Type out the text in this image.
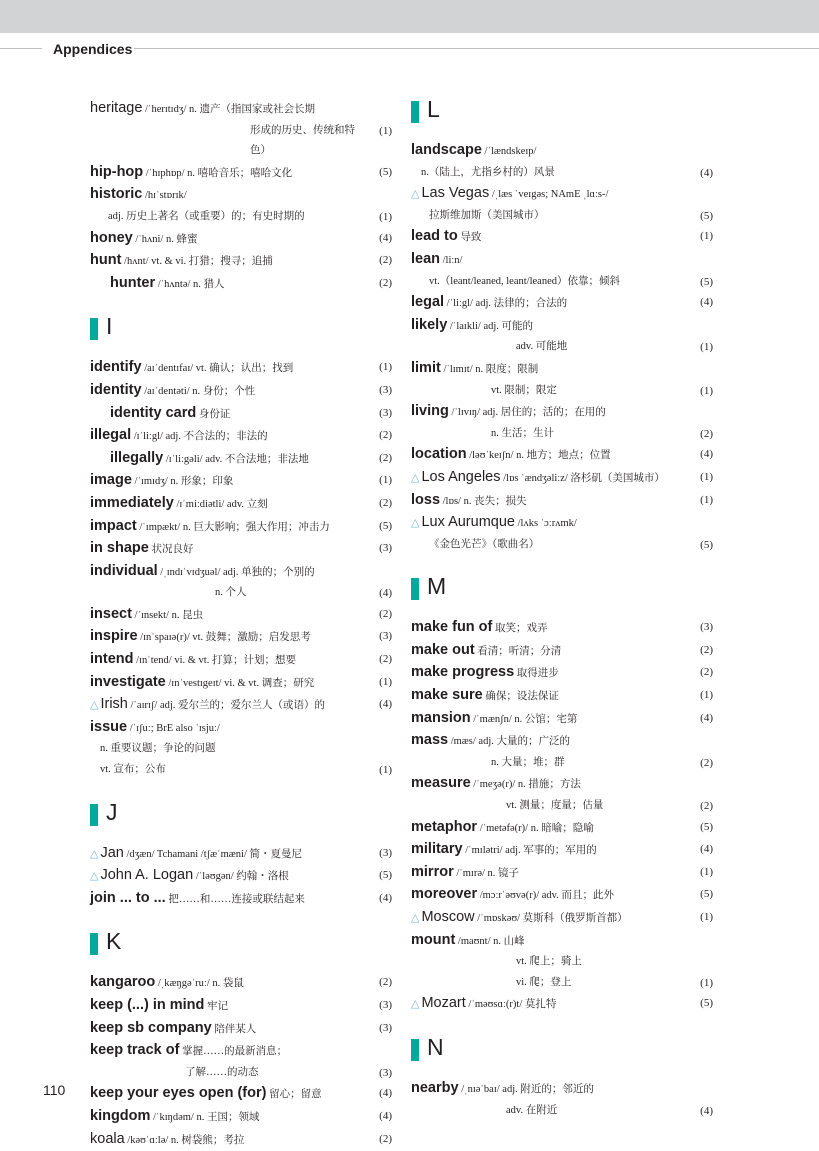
Appendices
heritage /ˈherɪtɪdʒ/ n. 遗产（指国家或社会长期
形成的历史、传统和特色）
(1)
hip-hop /ˈhɪphɒp/ n. 嘻哈音乐；嘻哈文化	(5)
historic /hɪˈstɒrɪk/
adj. 历史上著名（或重要）的；有史时期的	(1)
honey /ˈhʌni/ n. 蜂蜜	(4)
hunt /hʌnt/ vt. & vi. 打猎；搜寻；追捕	(2)
hunter /ˈhʌntə/ n. 猎人	(2)
I
identify /aɪˈdentɪfaɪ/ vt. 确认；认出；找到	(1)
identity /aɪˈdentəti/ n. 身份；个性	(3)
identity card 身份证	(3)
illegal /ɪˈliːgl/ adj. 不合法的；非法的	(2)
illegally /ɪˈliːgəli/ adv. 不合法地；非法地	(2)
image /ˈɪmɪdʒ/ n. 形象；印象	(1)
immediately /ɪˈmiːdiətli/ adv. 立刻	(2)
impact /ˈɪmpækt/ n. 巨大影响；强大作用；冲击力	(5)
in shape 状况良好	(3)
individual /ˌɪndɪˈvɪdʒuəl/ adj. 单独的；个别的
n. 个人	(4)
insect /ˈɪnsekt/ n. 昆虫	(2)
inspire /ɪnˈspaɪə(r)/ vt. 鼓舞；激励；启发思考	(3)
intend /ɪnˈtend/ vi. & vt. 打算；计划；想要	(2)
investigate /ɪnˈvestɪgeɪt/ vi. & vt. 调查；研究	(1)
△ Irish /ˈaɪrɪʃ/ adj. 爱尔兰的；爱尔兰人（或语）的	(4)
issue /ˈɪʃuː; BrE also ˈɪsjuː/
n. 重要议题；争论的问题
vt. 宣布；公布	(1)
J
△ Jan /dʒæn/ Tchamani /tʃæˈmæni/ 简・夏曼尼	(3)
△ John A. Logan /ˈləʊgən/ 约翰・洛根	(5)
join ... to ... 把……和……连接或联结起来	(4)
K
kangaroo /ˌkæŋgəˈruː/ n. 袋鼠	(2)
keep (...) in mind 牢记	(3)
keep sb company 陪伴某人	(3)
keep track of 掌握……的最新消息；
了解……的动态	(3)
keep your eyes open (for) 留心；留意	(4)
kingdom /ˈkɪŋdəm/ n. 王国；领域	(4)
koala /kəʊˈɑːlə/ n. 树袋熊；考拉	(2)
L
landscape /ˈlændskeɪp/
n.（陆上，尤指乡村的）风景	(4)
△ Las Vegas /ˌlæs ˈveɪgəs; NAmE ˌlɑːs-/
拉斯维加斯（美国城市）	(5)
lead to 导致	(1)
lean /liːn/
vt.（leant/leaned, leant/leaned）依靠；倾斜	(5)
legal /ˈliːgl/ adj. 法律的；合法的	(4)
likely /ˈlaɪkli/ adj. 可能的
adv. 可能地	(1)
limit /ˈlɪmɪt/ n. 限度；限制
vt. 限制；限定	(1)
living /ˈlɪvɪŋ/ adj. 居住的；活的；在用的
n. 生活；生计	(2)
location /ləʊˈkeɪʃn/ n. 地方；地点；位置	(4)
△ Los Angeles /lɒs ˈændʒəliːz/ 洛杉矶（美国城市）	(1)
loss /lɒs/ n. 丧失；损失	(1)
△ Lux Aurumque /lʌks ˈɔːrʌmk/
《金色光芒》（歌曲名）	(5)
M
make fun of 取笑；戏弄	(3)
make out 看清；听清；分清	(2)
make progress 取得进步	(2)
make sure 确保；设法保证	(1)
mansion /ˈmænʃn/ n. 公馆；宅第	(4)
mass /mæs/ adj. 大量的；广泛的
n. 大量；堆；群	(2)
measure /ˈmeʒə(r)/ n. 措施；方法
vt. 测量；度量；估量	(2)
metaphor /ˈmetəfə(r)/ n. 暗喻；隐喻	(5)
military /ˈmɪlətri/ adj. 军事的；军用的	(4)
mirror /ˈmɪrə/ n. 镜子	(1)
moreover /mɔːrˈəʊvə(r)/ adv. 而且；此外	(5)
△ Moscow /ˈmɒskəʊ/ 莫斯科（俄罗斯首都）	(1)
mount /maʊnt/ n. 山峰
vt. 爬上；骑上
vi. 爬；登上	(1)
△ Mozart /ˈməʊsɑː(r)t/ 莫扎特	(5)
N
nearby /ˌnɪəˈbaɪ/ adj. 附近的；邻近的
adv. 在附近	(4)
110
